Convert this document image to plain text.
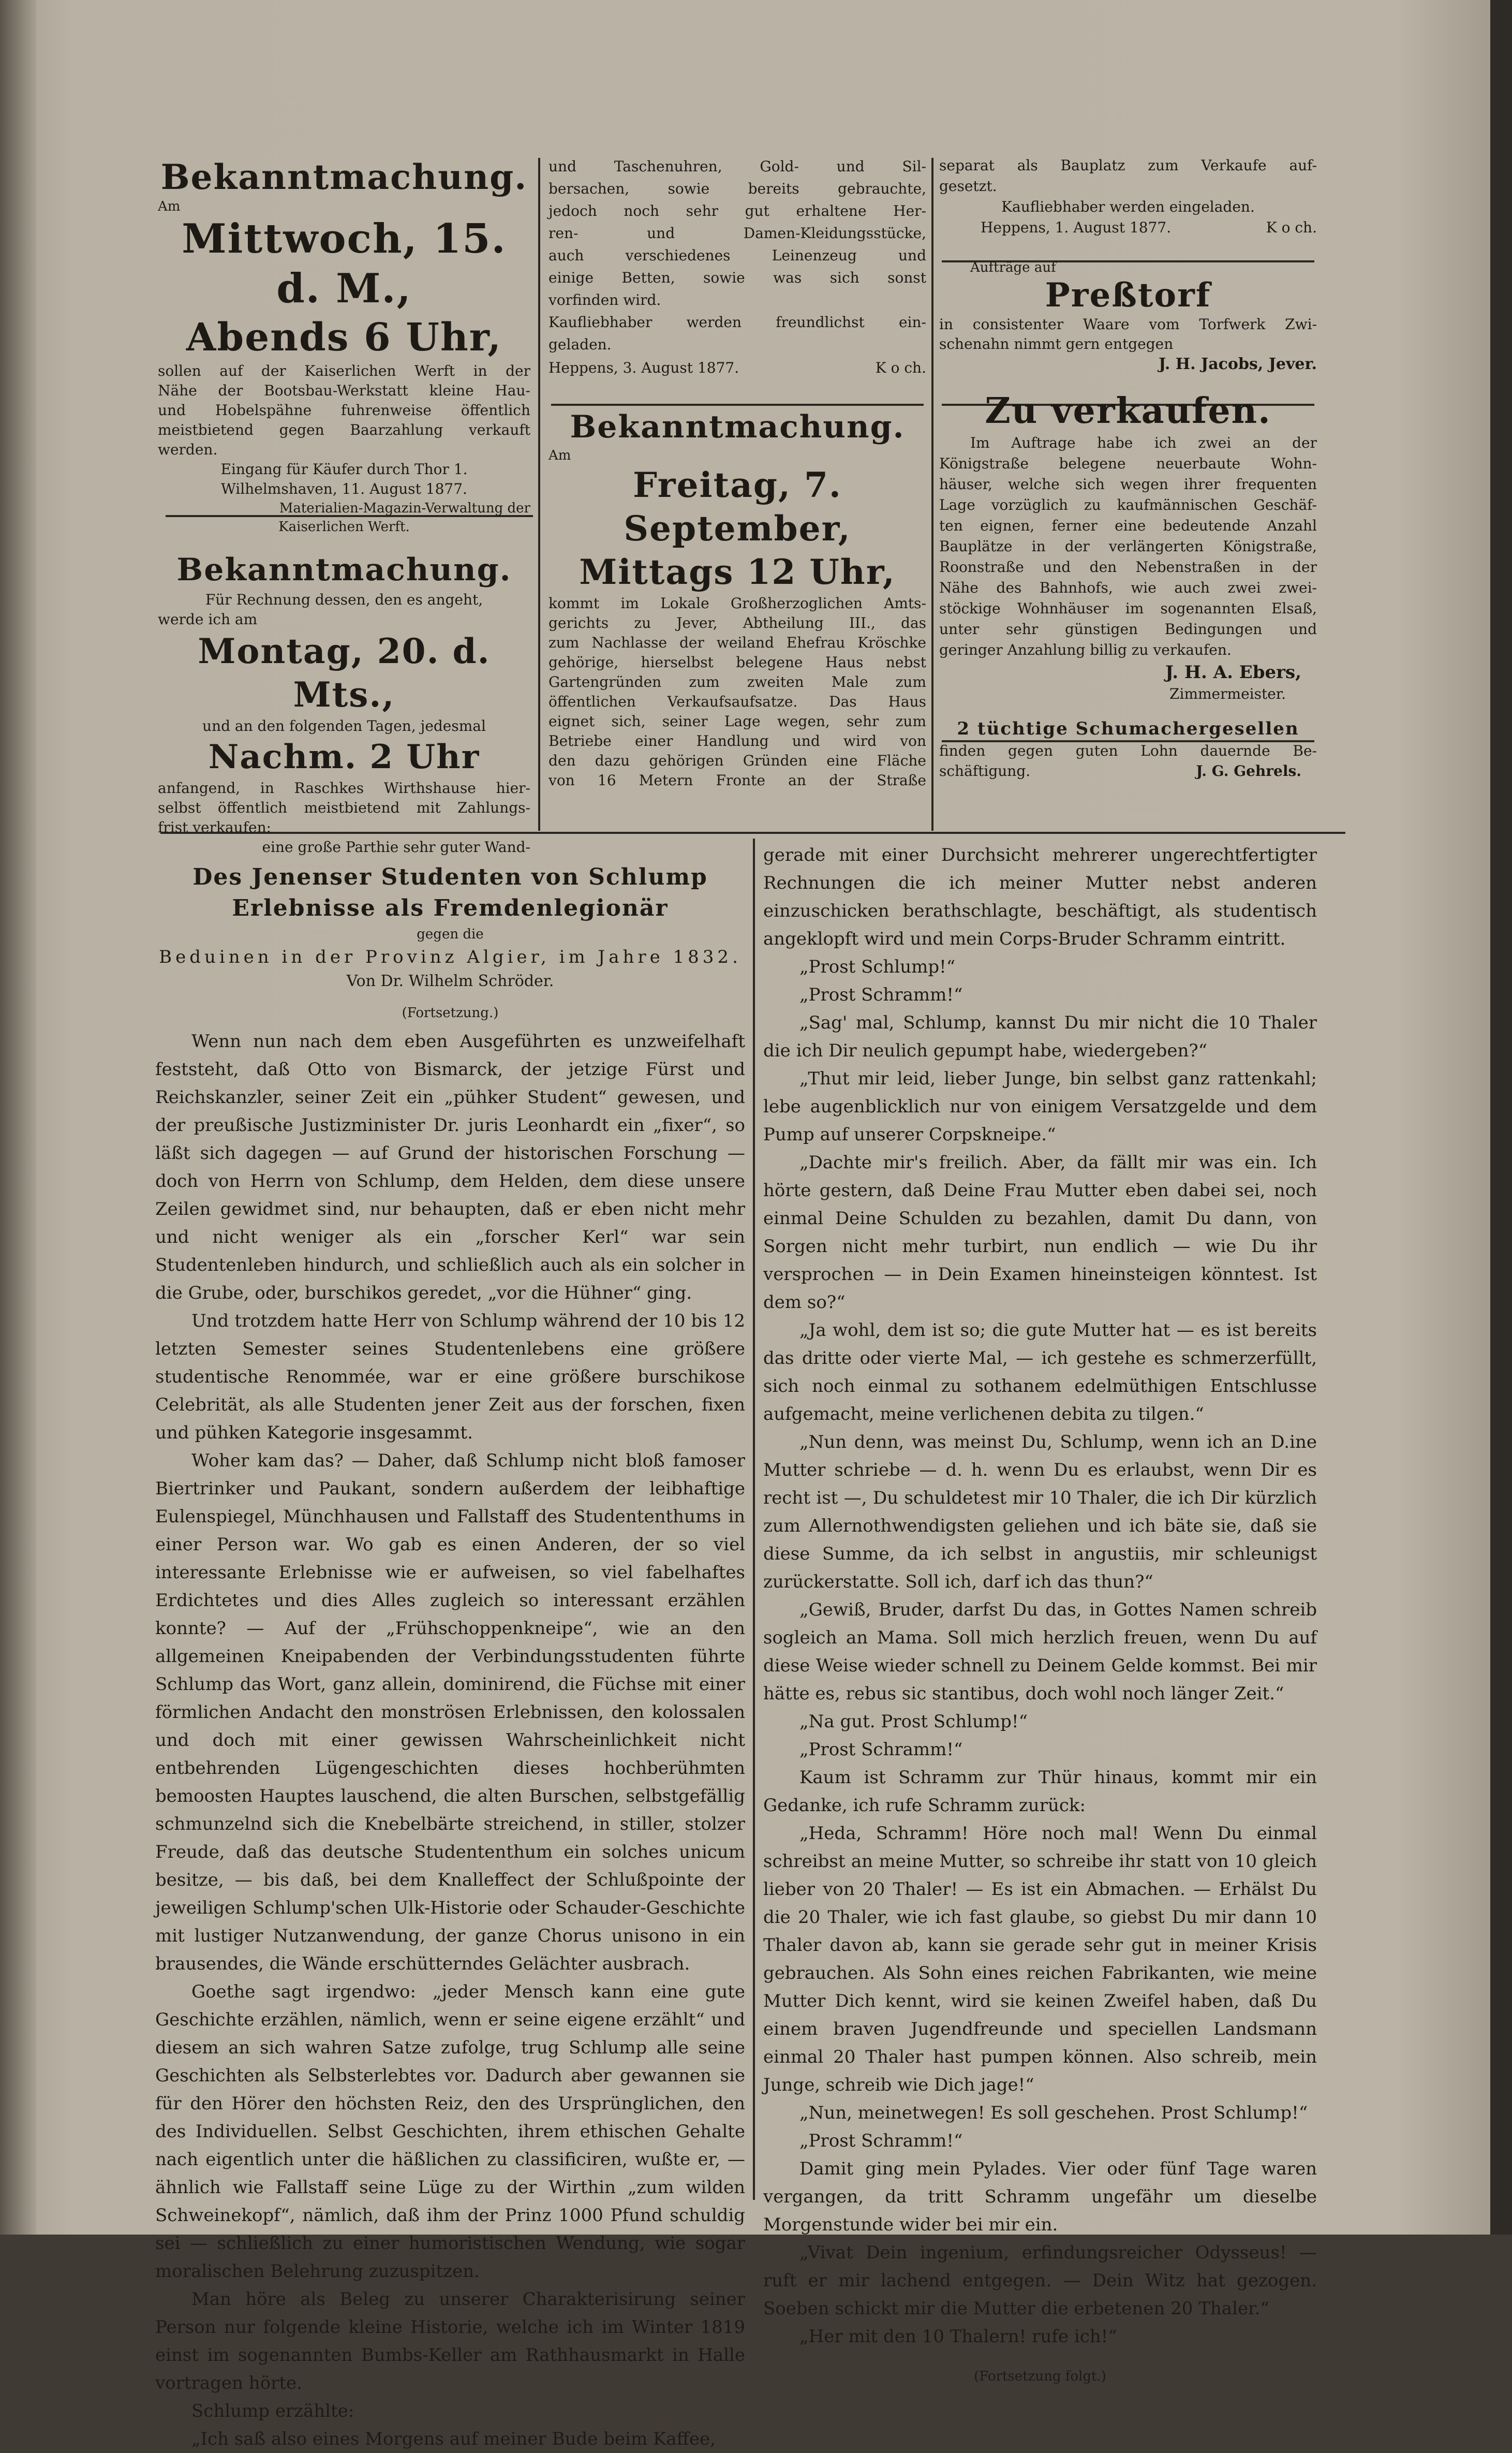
Bekanntmachung.
Am
Mittwoch, 15. d. M.,
Abends 6 Uhr,
sollen auf der Kaiserlichen Werft in der
Nähe der Bootsbau-Werkstatt kleine Hau-
und Hobelspähne fuhrenweise öffentlich
meistbietend gegen Baarzahlung verkauft
werden.
Eingang für Käufer durch Thor 1.
Wilhelmshaven, 11. August 1877.
Materialien-Magazin-Verwaltung der
Kaiserlichen Werft.
Bekanntmachung.
Für Rechnung dessen, den es angeht,
werde ich am
Montag, 20. d. Mts.,
und an den folgenden Tagen, jedesmal
Nachm. 2 Uhr
anfangend, in Raschkes Wirthshause hier-
selbst öffentlich meistbietend mit Zahlungs-
frist verkaufen:
eine große Parthie sehr guter Wand-
und Taschenuhren, Gold- und Sil-
bersachen, sowie bereits gebrauchte,
jedoch noch sehr gut erhaltene Her-
ren- und Damen-Kleidungsstücke,
auch verschiedenes Leinenzeug und
einige Betten, sowie was sich sonst
vorfinden wird.
Kaufliebhaber werden freundlichst ein-
geladen.
Heppens, 3. August 1877.	K o ch.
Bekanntmachung.
Am
Freitag, 7. September,
Mittags 12 Uhr,
kommt im Lokale Großherzoglichen Amts-
gerichts zu Jever, Abtheilung III., das
zum Nachlasse der weiland Ehefrau Kröschke
gehörige, hierselbst belegene Haus nebst
Gartengründen zum zweiten Male zum
öffentlichen Verkaufsaufsatze. Das Haus
eignet sich, seiner Lage wegen, sehr zum
Betriebe einer Handlung und wird von
den dazu gehörigen Gründen eine Fläche
von 16 Metern Fronte an der Straße
separat als Bauplatz zum Verkaufe auf-
gesetzt.
Kaufliebhaber werden eingeladen.
Heppens, 1. August 1877.	K o ch.
Aufträge auf
Preßtorf
in consistenter Waare vom Torfwerk Zwi-
schenahn nimmt gern entgegen
J. H. Jacobs, Jever.
Zu verkaufen.
Im Auftrage habe ich zwei an der
Königstraße belegene neuerbaute Wohn-
häuser, welche sich wegen ihrer frequenten
Lage vorzüglich zu kaufmännischen Geschäf-
ten eignen, ferner eine bedeutende Anzahl
Bauplätze in der verlängerten Königstraße,
Roonstraße und den Nebenstraßen in der
Nähe des Bahnhofs, wie auch zwei zwei-
stöckige Wohnhäuser im sogenannten Elsaß,
unter sehr günstigen Bedingungen und
geringer Anzahlung billig zu verkaufen.
J. H. A. Ebers,
Zimmermeister.
2 tüchtige Schumachergesellen
finden gegen guten Lohn dauernde Be-
schäftigung.	J. G. Gehrels.
Des Jenenser Studenten von Schlump
Erlebnisse als Fremdenlegionär
gegen die
Beduinen in der Provinz Algier, im Jahre 1832.
Von Dr. Wilhelm Schröder.
(Fortsetzung.)

Wenn nun nach dem eben Ausgeführten es unzweifelhaft feststeht, daß Otto von Bismarck, der jetzige Fürst und Reichskanzler, seiner Zeit ein „pühker Student“ gewesen, und der preußische Justizminister Dr. juris Leonhardt ein „fixer“, so läßt sich dagegen — auf Grund der historischen Forschung — doch von Herrn von Schlump, dem Helden, dem diese unsere Zeilen gewidmet sind, nur behaupten, daß er eben nicht mehr und nicht weniger als ein „forscher Kerl“ war sein Studentenleben hindurch, und schließlich auch als ein solcher in die Grube, oder, burschikos geredet, „vor die Hühner“ ging.

Und trotzdem hatte Herr von Schlump während der 10 bis 12 letzten Semester seines Studentenlebens eine größere studentische Renommée, war er eine größere burschikose Celebrität, als alle Studenten jener Zeit aus der forschen, fixen und pühken Kategorie insgesammt.

Woher kam das? — Daher, daß Schlump nicht bloß famoser Biertrinker und Paukant, sondern außerdem der leibhaftige Eulenspiegel, Münchhausen und Fallstaff des Studententhums in einer Person war. Wo gab es einen Anderen, der so viel interessante Erlebnisse wie er aufweisen, so viel fabelhaftes Erdichtetes und dies Alles zugleich so interessant erzählen konnte? — Auf der „Frühschoppenkneipe“, wie an den allgemeinen Kneipabenden der Verbindungsstudenten führte Schlump das Wort, ganz allein, dominirend, die Füchse mit einer förmlichen Andacht den monströsen Erlebnissen, den kolossalen und doch mit einer gewissen Wahrscheinlichkeit nicht entbehrenden Lügengeschichten dieses hochberühmten bemoosten Hauptes lauschend, die alten Burschen, selbstgefällig schmunzelnd sich die Knebelbärte streichend, in stiller, stolzer Freude, daß das deutsche Studententhum ein solches unicum besitze, — bis daß, bei dem Knalleffect der Schlußpointe der jeweiligen Schlump'schen Ulk-Historie oder Schauder-Geschichte mit lustiger Nutzanwendung, der ganze Chorus unisono in ein brausendes, die Wände erschütterndes Gelächter ausbrach.

Goethe sagt irgendwo: „jeder Mensch kann eine gute Geschichte erzählen, nämlich, wenn er seine eigene erzählt“ und diesem an sich wahren Satze zufolge, trug Schlump alle seine Geschichten als Selbsterlebtes vor. Dadurch aber gewannen sie für den Hörer den höchsten Reiz, den des Ursprünglichen, den des Individuellen. Selbst Geschichten, ihrem ethischen Gehalte nach eigentlich unter die häßlichen zu classificiren, wußte er, — ähnlich wie Fallstaff seine Lüge zu der Wirthin „zum wilden Schweinekopf“, nämlich, daß ihm der Prinz 1000 Pfund schuldig sei — schließlich zu einer humoristischen Wendung, wie sogar moralischen Belehrung zuzuspitzen.

Man höre als Beleg zu unserer Charakterisirung seiner Person nur folgende kleine Historie, welche ich im Winter 1819 einst im sogenannten Bumbs-Keller am Rathhausmarkt in Halle vortragen hörte.

Schlump erzählte:

„Ich saß also eines Morgens auf meiner Bude beim Kaffee,

gerade mit einer Durchsicht mehrerer ungerechtfertigter Rechnungen die ich meiner Mutter nebst anderen einzuschicken berathschlagte, beschäftigt, als studentisch angeklopft wird und mein Corps-Bruder Schramm eintritt.

„Prost Schlump!“

„Prost Schramm!“

„Sag' mal, Schlump, kannst Du mir nicht die 10 Thaler die ich Dir neulich gepumpt habe, wiedergeben?“

„Thut mir leid, lieber Junge, bin selbst ganz rattenkahl; lebe augenblicklich nur von einigem Versatzgelde und dem Pump auf unserer Corpskneipe.“

„Dachte mir's freilich. Aber, da fällt mir was ein. Ich hörte gestern, daß Deine Frau Mutter eben dabei sei, noch einmal Deine Schulden zu bezahlen, damit Du dann, von Sorgen nicht mehr turbirt, nun endlich — wie Du ihr versprochen — in Dein Examen hineinsteigen könntest. Ist dem so?“

„Ja wohl, dem ist so; die gute Mutter hat — es ist bereits das dritte oder vierte Mal, — ich gestehe es schmerzerfüllt, sich noch einmal zu sothanem edelmüthigen Entschlusse aufgemacht, meine verlichenen debita zu tilgen.“

„Nun denn, was meinst Du, Schlump, wenn ich an D.ine Mutter schriebe — d. h. wenn Du es erlaubst, wenn Dir es recht ist —, Du schuldetest mir 10 Thaler, die ich Dir kürzlich zum Allernothwendigsten geliehen und ich bäte sie, daß sie diese Summe, da ich selbst in angustiis, mir schleunigst zurückerstatte. Soll ich, darf ich das thun?“

„Gewiß, Bruder, darfst Du das, in Gottes Namen schreib sogleich an Mama. Soll mich herzlich freuen, wenn Du auf diese Weise wieder schnell zu Deinem Gelde kommst. Bei mir hätte es, rebus sic stantibus, doch wohl noch länger Zeit.“

„Na gut. Prost Schlump!“

„Prost Schramm!“

Kaum ist Schramm zur Thür hinaus, kommt mir ein Gedanke, ich rufe Schramm zurück:

„Heda, Schramm! Höre noch mal! Wenn Du einmal schreibst an meine Mutter, so schreibe ihr statt von 10 gleich lieber von 20 Thaler! — Es ist ein Abmachen. — Erhälst Du die 20 Thaler, wie ich fast glaube, so giebst Du mir dann 10 Thaler davon ab, kann sie gerade sehr gut in meiner Krisis gebrauchen. Als Sohn eines reichen Fabrikanten, wie meine Mutter Dich kennt, wird sie keinen Zweifel haben, daß Du einem braven Jugendfreunde und speciellen Landsmann einmal 20 Thaler hast pumpen können. Also schreib, mein Junge, schreib wie Dich jage!“

„Nun, meinetwegen! Es soll geschehen. Prost Schlump!“

„Prost Schramm!“

Damit ging mein Pylades. Vier oder fünf Tage waren vergangen, da tritt Schramm ungefähr um dieselbe Morgenstunde wider bei mir ein.

„Vivat Dein ingenium, erfindungsreicher Odysseus! — ruft er mir lachend entgegen. — Dein Witz hat gezogen. Soeben schickt mir die Mutter die erbetenen 20 Thaler.“

„Her mit den 10 Thalern! rufe ich!“

(Fortsetzung folgt.)
